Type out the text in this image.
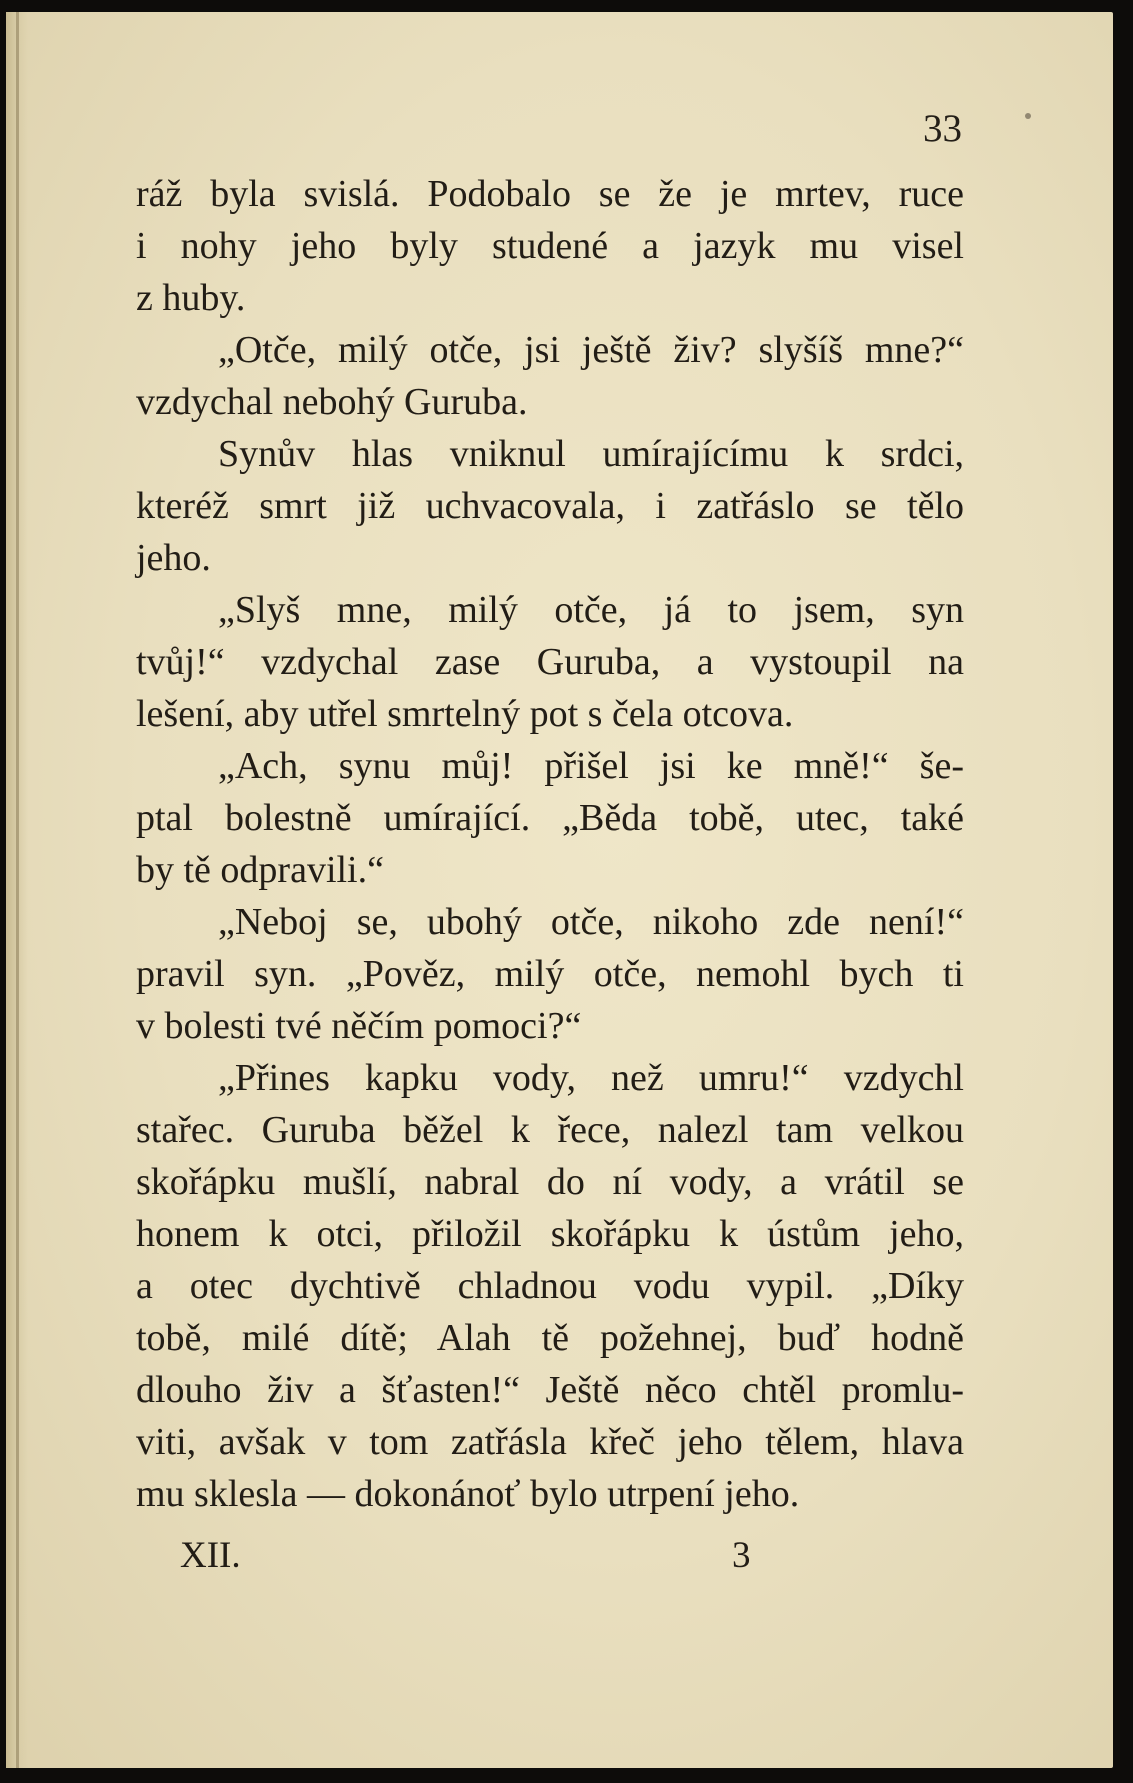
33
ráž byla svislá. Podobalo se že je mrtev, ruce
i nohy jeho byly studené a jazyk mu visel
z huby.
„Otče, milý otče, jsi ještě živ? slyšíš mne?“
vzdychal nebohý Guruba.
Synův hlas vniknul umírajícímu k srdci,
kteréž smrt již uchvacovala, i zatřáslo se tělo
jeho.
„Slyš mne, milý otče, já to jsem, syn
tvůj!“ vzdychal zase Guruba, a vystoupil na
lešení, aby utřel smrtelný pot s čela otcova.
„Ach, synu můj! přišel jsi ke mně!“ še-
ptal bolestně umírající. „Běda tobě, utec, také
by tě odpravili.“
„Neboj se, ubohý otče, nikoho zde není!“
pravil syn. „Pověz, milý otče, nemohl bych ti
v bolesti tvé něčím pomoci?“
„Přines kapku vody, než umru!“ vzdychl
stařec. Guruba běžel k řece, nalezl tam velkou
skořápku mušlí, nabral do ní vody, a vrátil se
honem k otci, přiložil skořápku k ústům jeho,
a otec dychtivě chladnou vodu vypil. „Díky
tobě, milé dítě; Alah tě požehnej, buď hodně
dlouho živ a šťasten!“ Ještě něco chtěl promlu-
viti, avšak v tom zatřásla křeč jeho tělem, hlava
mu sklesla — dokonánoť bylo utrpení jeho.
XII.	3
